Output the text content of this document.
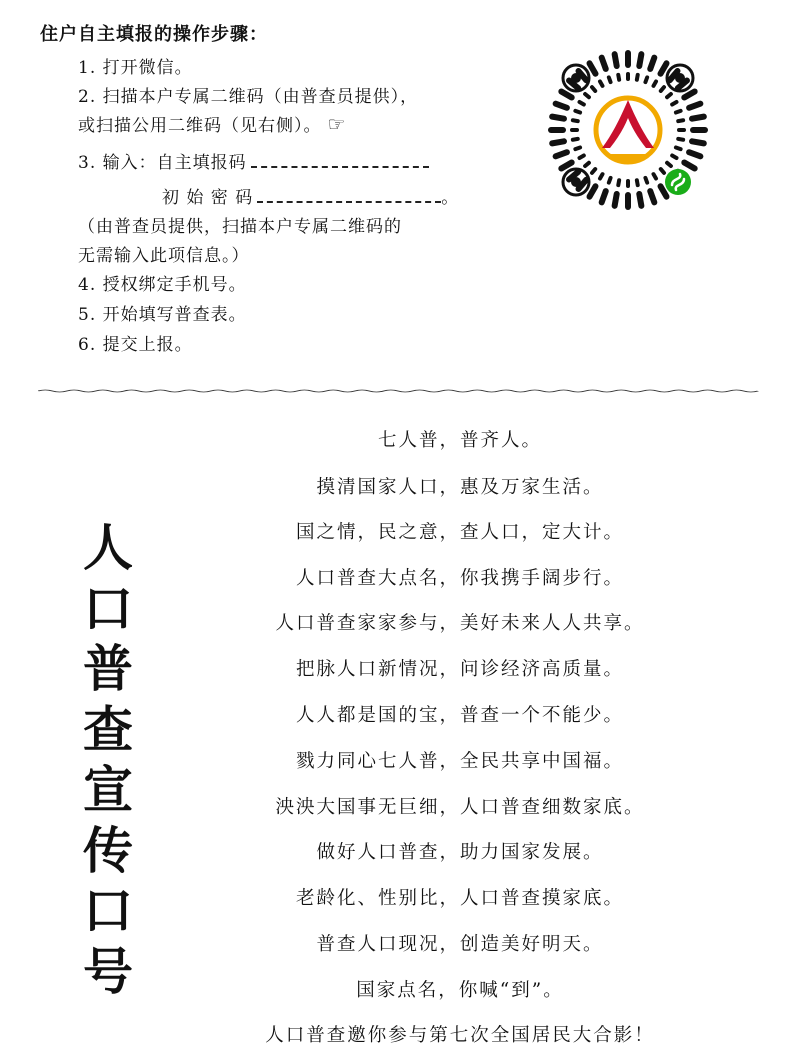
住户自主填报的操作步骤：
1. 打开微信。
2. 扫描本户专属二维码（由普查员提供），
或扫描公用二维码（见右侧）。 ☞
3. 输入：自主填报码
初 始 密 码	。
（由普查员提供，扫描本户专属二维码的
无需输入此项信息。）
4. 授权绑定手机号。
5. 开始填写普查表。
6. 提交上报。
2020
人
口
普
查
宣
传
口
号
七人普，普齐人。
摸清国家人口，惠及万家生活。
国之情，民之意，查人口，定大计。
人口普查大点名，你我携手阔步行。
人口普查家家参与，美好未来人人共享。
把脉人口新情况，问诊经济高质量。
人人都是国的宝，普查一个不能少。
戮力同心七人普，全民共享中国福。
泱泱大国事无巨细，人口普查细数家底。
做好人口普查，助力国家发展。
老龄化、性别比，人口普查摸家底。
普查人口现况，创造美好明天。
国家点名，你喊“到”。
人口普查邀你参与第七次全国居民大合影！
